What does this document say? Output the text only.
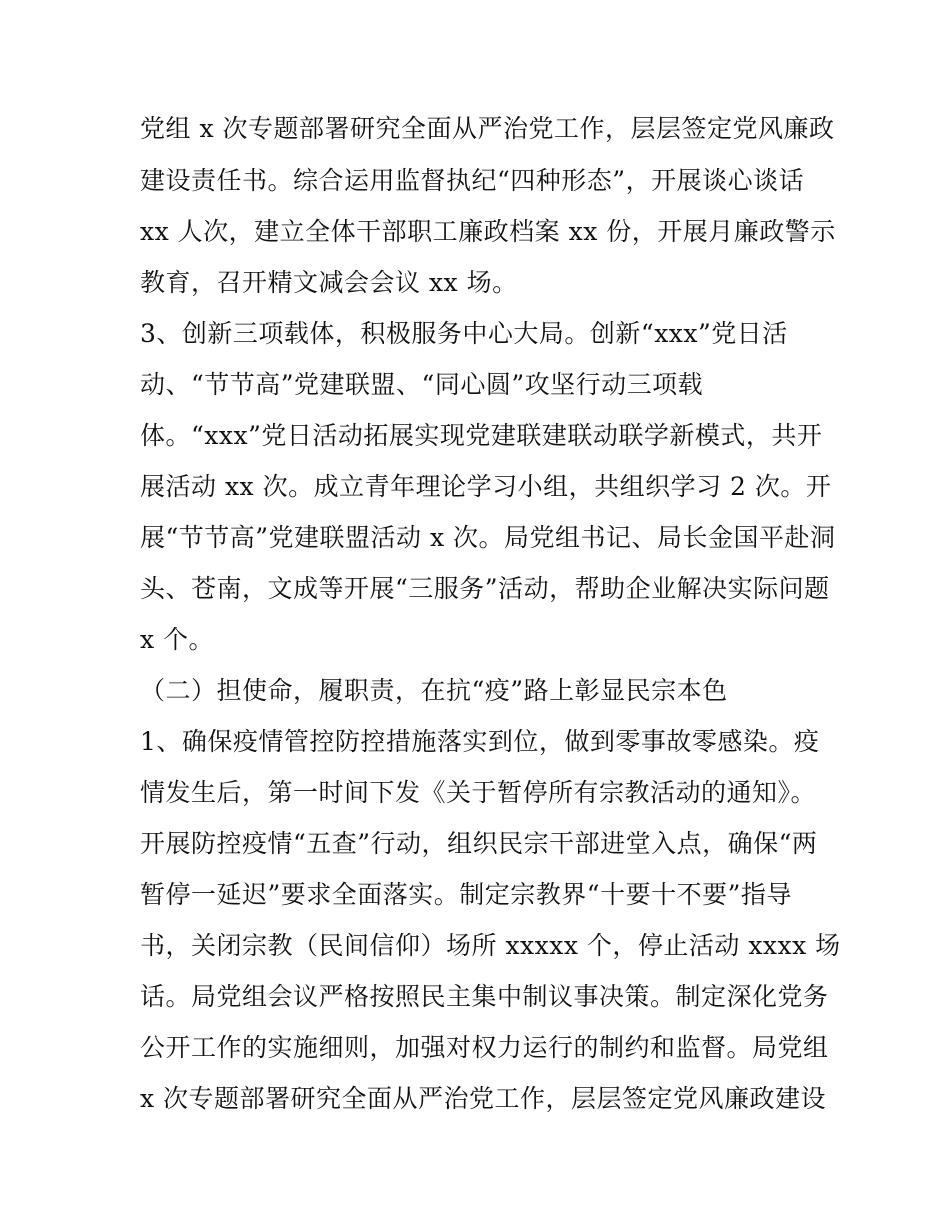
党组 x 次专题部署研究全面从严治党工作，层层签定党风廉政
建设责任书。综合运用监督执纪“四种形态”，开展谈心谈话
xx 人次，建立全体干部职工廉政档案 xx 份，开展月廉政警示
教育，召开精文减会会议 xx 场。
3、创新三项载体，积极服务中心大局。创新“xxx”党日活
动、“节节高”党建联盟、“同心圆”攻坚行动三项载
体。“xxx”党日活动拓展实现党建联建联动联学新模式，共开
展活动 xx 次。成立青年理论学习小组，共组织学习 2 次。开
展“节节高”党建联盟活动 x 次。局党组书记、局长金国平赴洞
头、苍南，文成等开展“三服务”活动，帮助企业解决实际问题
x 个。
（二）担使命，履职责，在抗“疫”路上彰显民宗本色
1、确保疫情管控防控措施落实到位，做到零事故零感染。疫
情发生后，第一时间下发《关于暂停所有宗教活动的通知》。
开展防控疫情“五查”行动，组织民宗干部进堂入点，确保“两
暂停一延迟”要求全面落实。制定宗教界“十要十不要”指导
书，关闭宗教（民间信仰）场所 xxxxx 个，停止活动 xxxx 场
话。局党组会议严格按照民主集中制议事决策。制定深化党务
公开工作的实施细则，加强对权力运行的制约和监督。局党组
x 次专题部署研究全面从严治党工作，层层签定党风廉政建设
